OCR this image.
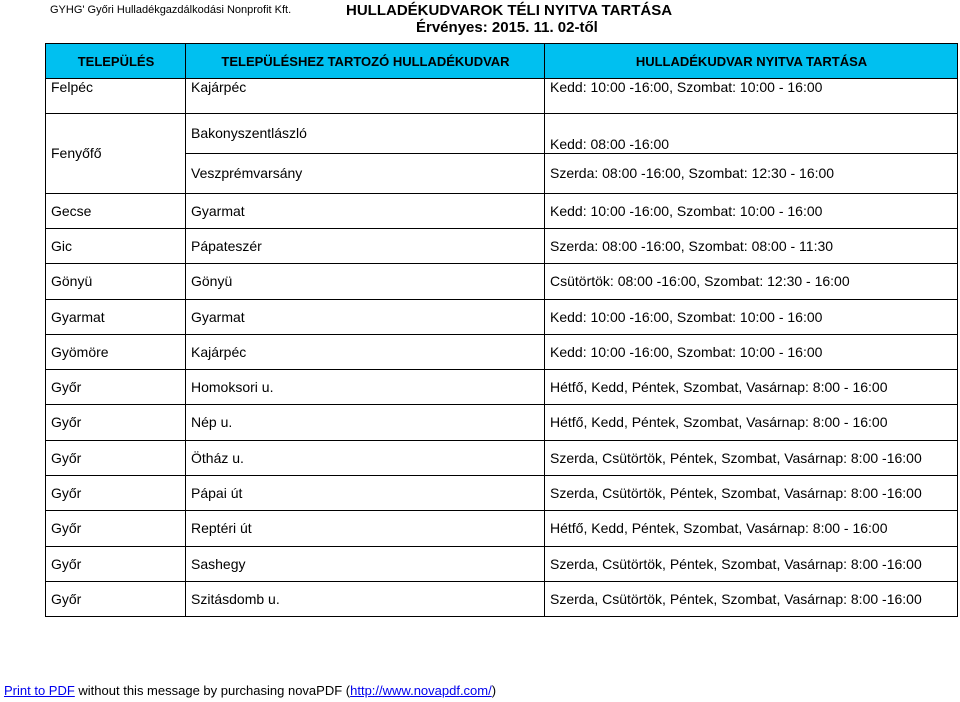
GYHG' Győri Hulladékgazdálkodási Nonprofit Kft.	HULLADÉKUDVAROK TÉLI NYITVA TARTÁSA
Érvényes: 2015. 11. 02-től
TELEPÜLÉS	TELEPÜLÉSHEZ TARTOZÓ HULLADÉKUDVAR	HULLADÉKUDVAR NYITVA TARTÁSA
Felpéc	Kajárpéc	Kedd: 10:00 -16:00, Szombat: 10:00 - 16:00
Fenyőfő	Bakonyszentlászló	Kedd: 08:00 -16:00
	Veszprémvarsány	Szerda: 08:00 -16:00, Szombat: 12:30 - 16:00
Gecse	Gyarmat	Kedd: 10:00 -16:00, Szombat: 10:00 - 16:00
Gic	Pápateszér	Szerda: 08:00 -16:00, Szombat: 08:00 - 11:30
Gönyü	Gönyü	Csütörtök: 08:00 -16:00, Szombat: 12:30 - 16:00
Gyarmat	Gyarmat	Kedd: 10:00 -16:00, Szombat: 10:00 - 16:00
Gyömöre	Kajárpéc	Kedd: 10:00 -16:00, Szombat: 10:00 - 16:00
Győr	Homoksori u.	Hétfő, Kedd, Péntek, Szombat, Vasárnap: 8:00 - 16:00
Győr	Nép u.	Hétfő, Kedd, Péntek, Szombat, Vasárnap: 8:00 - 16:00
Győr	Ötház u.	Szerda, Csütörtök, Péntek, Szombat, Vasárnap: 8:00 -16:00
Győr	Pápai út	Szerda, Csütörtök, Péntek, Szombat, Vasárnap: 8:00 -16:00
Győr	Reptéri út	Hétfő, Kedd, Péntek, Szombat, Vasárnap: 8:00 - 16:00
Győr	Sashegy	Szerda, Csütörtök, Péntek, Szombat, Vasárnap: 8:00 -16:00
Győr	Szitásdomb u.	Szerda, Csütörtök, Péntek, Szombat, Vasárnap: 8:00 -16:00
Print to PDF without this message by purchasing novaPDF (http://www.novapdf.com/)
